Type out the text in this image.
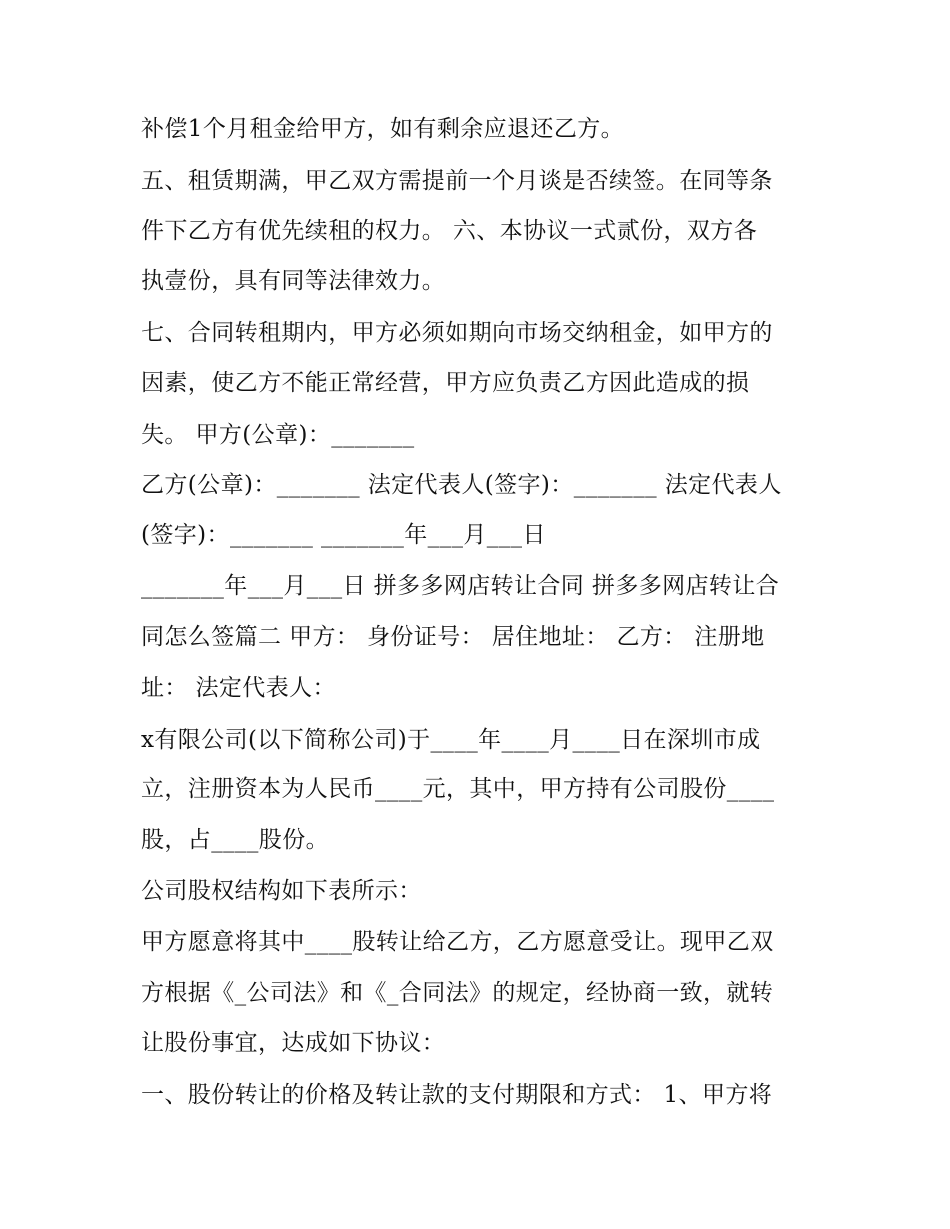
补偿1个月租金给甲方，如有剩余应退还乙方。
五、租赁期满，甲乙双方需提前一个月谈是否续签。在同等条
件下乙方有优先续租的权力。 六、本协议一式贰份，双方各
执壹份，具有同等法律效力。
七、合同转租期内，甲方必须如期向市场交纳租金，如甲方的
因素，使乙方不能正常经营，甲方应负责乙方因此造成的损
失。 甲方(公章)：_______
乙方(公章)：_______ 法定代表人(签字)：_______ 法定代表人
(签字)：_______ _______年___月___日
_______年___月___日 拼多多网店转让合同 拼多多网店转让合
同怎么签篇二 甲方： 身份证号： 居住地址： 乙方： 注册地
址： 法定代表人：
x有限公司(以下简称公司)于____年____月____日在深圳市成
立，注册资本为人民币____元，其中，甲方持有公司股份____
股，占____股份。
公司股权结构如下表所示：
甲方愿意将其中____股转让给乙方，乙方愿意受让。现甲乙双
方根据《_公司法》和《_合同法》的规定，经协商一致，就转
让股份事宜，达成如下协议：
一、股份转让的价格及转让款的支付期限和方式： 1、甲方将
